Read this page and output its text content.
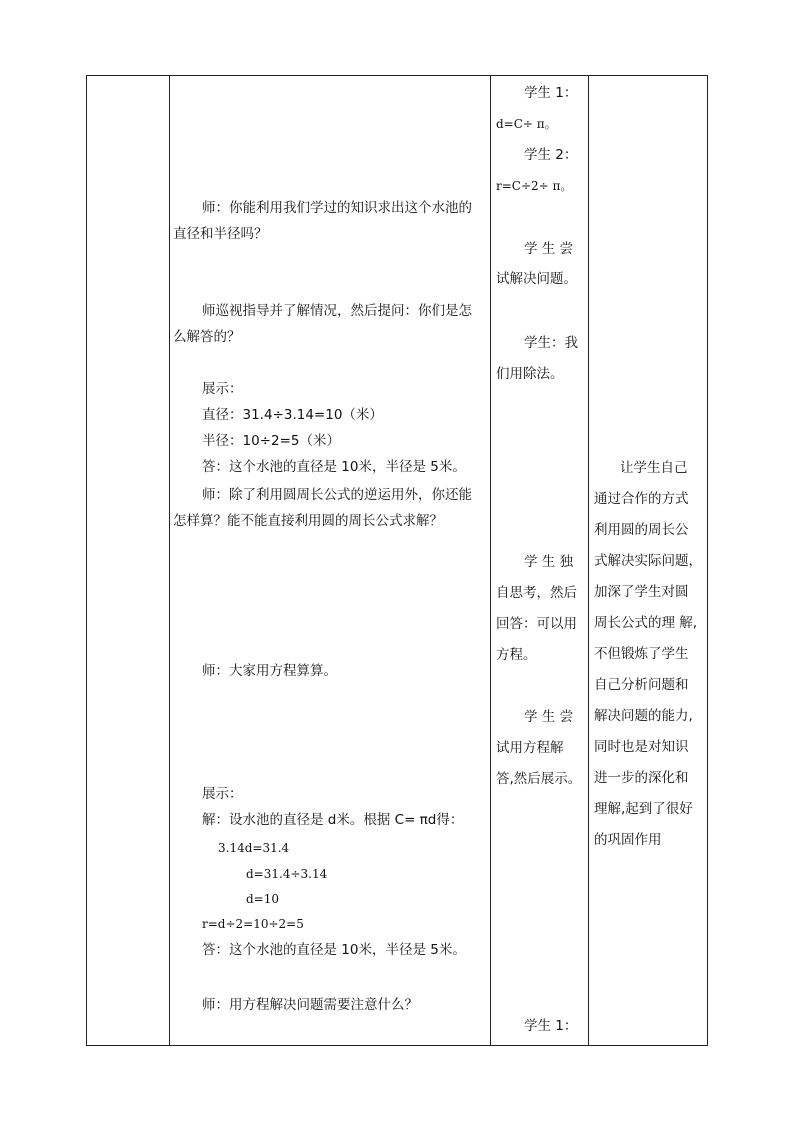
师：你能利用我们学过的知识求出这个水池的
直径和半径吗？
师巡视指导并了解情况，然后提问：你们是怎
么解答的？
展示：
直径：31.4÷3.14=10（米）
半径：10÷2=5（米）
答：这个水池的直径是 10米，半径是 5米。
师：除了利用圆周长公式的逆运用外，你还能
怎样算？能不能直接利用圆的周长公式求解？
师：大家用方程算算。
展示：
解：设水池的直径是 d米。根据 C= πd得：
3.14d=31.4
d=31.4÷3.14
d=10
r=d÷2=10÷2=5
答：这个水池的直径是 10米，半径是 5米。
师：用方程解决问题需要注意什么？
学生 1：
d=C÷ π。
学生 2：
r=C÷2÷ π。
学 生 尝
试解决问题。
学生：我
们用除法。
学 生 独
自思考，然后
回答：可以用
方程。
学 生 尝
试用方程解
答,然后展示。
学生 1：
让学生自己
通过合作的方式
利用圆的周长公
式解决实际问题，
加深了学生对圆
周长公式的理 解,
不但锻炼了学生
自己分析问题和
解决问题的能力,
同时也是对知识
进一步的深化和
理解,起到了很好
的巩固作用
